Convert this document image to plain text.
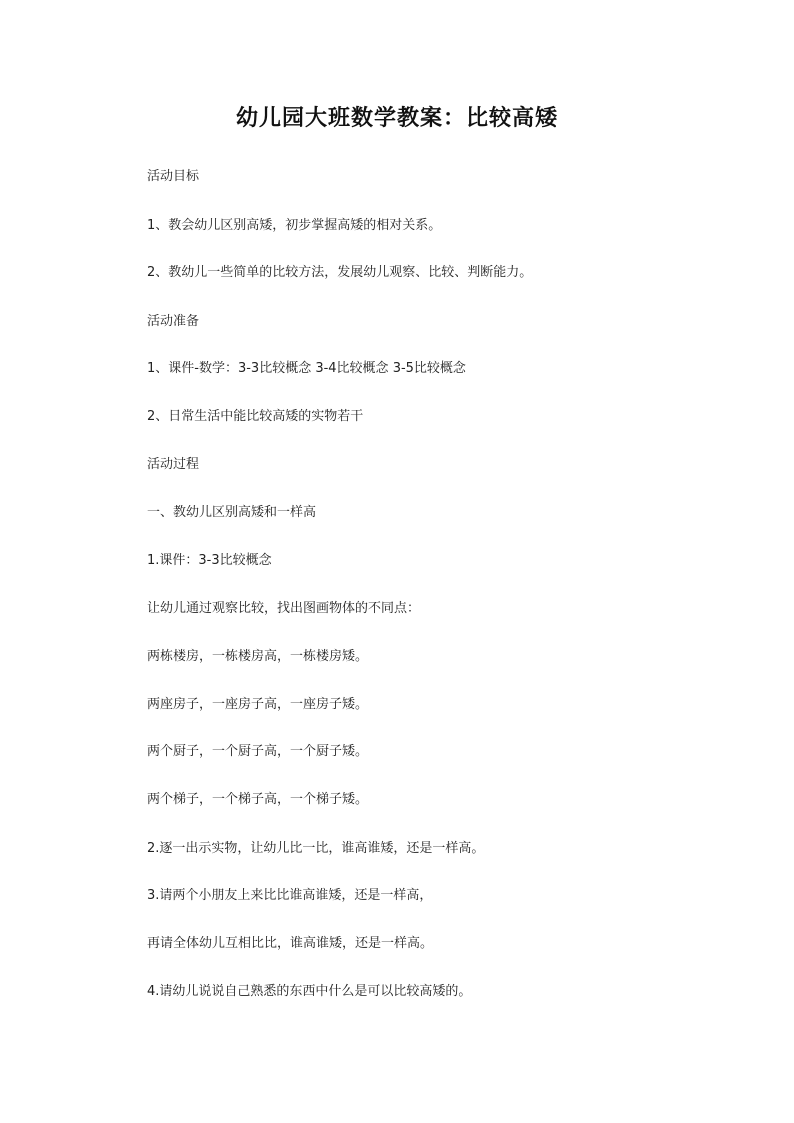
幼儿园大班数学教案：比较高矮
活动目标
1、教会幼儿区别高矮，初步掌握高矮的相对关系。
2、教幼儿一些简单的比较方法，发展幼儿观察、比较、判断能力。
活动准备
1、课件-数学：3-3比较概念 3-4比较概念 3-5比较概念
2、日常生活中能比较高矮的实物若干
活动过程
一、教幼儿区别高矮和一样高
1.课件：3-3比较概念
让幼儿通过观察比较，找出图画物体的不同点：
两栋楼房，一栋楼房高，一栋楼房矮。
两座房子，一座房子高，一座房子矮。
两个厨子，一个厨子高，一个厨子矮。
两个梯子，一个梯子高，一个梯子矮。
2.逐一出示实物，让幼儿比一比，谁高谁矮，还是一样高。
3.请两个小朋友上来比比谁高谁矮，还是一样高，
再请全体幼儿互相比比，谁高谁矮，还是一样高。
4.请幼儿说说自己熟悉的东西中什么是可以比较高矮的。
